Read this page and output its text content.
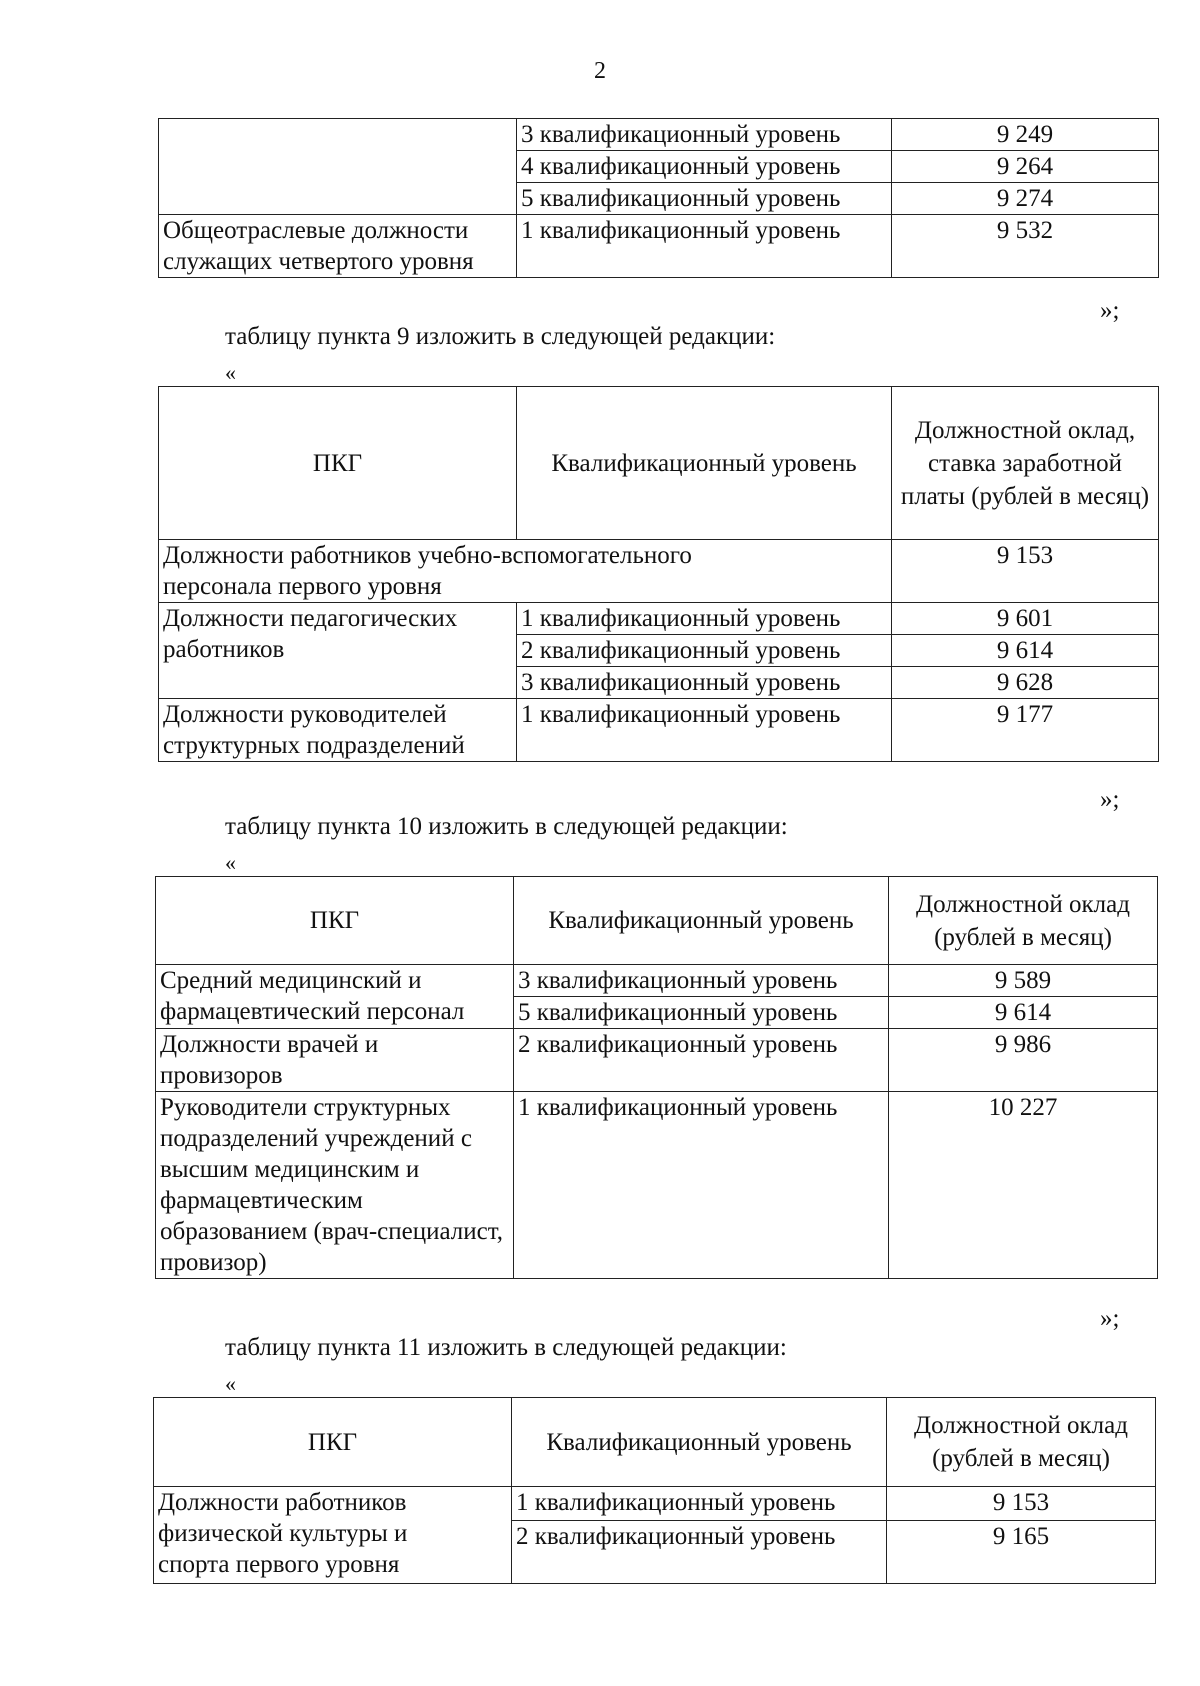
2
	3 квалификационный уровень	9 249
	4 квалификационный уровень	9 264
	5 квалификационный уровень	9 274
Общеотраслевые должности служащих четвертого уровня	1 квалификационный уровень	9 532
»;
таблицу пункта 9 изложить в следующей редакции:
«
ПКГ	Квалификационный уровень	Должностной оклад, ставка заработной платы (рублей в месяц)
Должности работников учебно-вспомогательного персонала первого уровня		9 153
Должности педагогических работников	1 квалификационный уровень	9 601
	2 квалификационный уровень	9 614
	3 квалификационный уровень	9 628
Должности руководителей структурных подразделений	1 квалификационный уровень	9 177
»;
таблицу пункта 10 изложить в следующей редакции:
«
ПКГ	Квалификационный уровень	Должностной оклад (рублей в месяц)
Средний медицинский и фармацевтический персонал	3 квалификационный уровень	9 589
	5 квалификационный уровень	9 614
Должности врачей и провизоров	2 квалификационный уровень	9 986
Руководители структурных подразделений учреждений с высшим медицинским и фармацевтическим образованием (врач-специалист, провизор)	1 квалификационный уровень	10 227
»;
таблицу пункта 11 изложить в следующей редакции:
«
ПКГ	Квалификационный уровень	Должностной оклад (рублей в месяц)
Должности работников физической культуры и спорта первого уровня	1 квалификационный уровень	9 153
	2 квалификационный уровень	9 165
